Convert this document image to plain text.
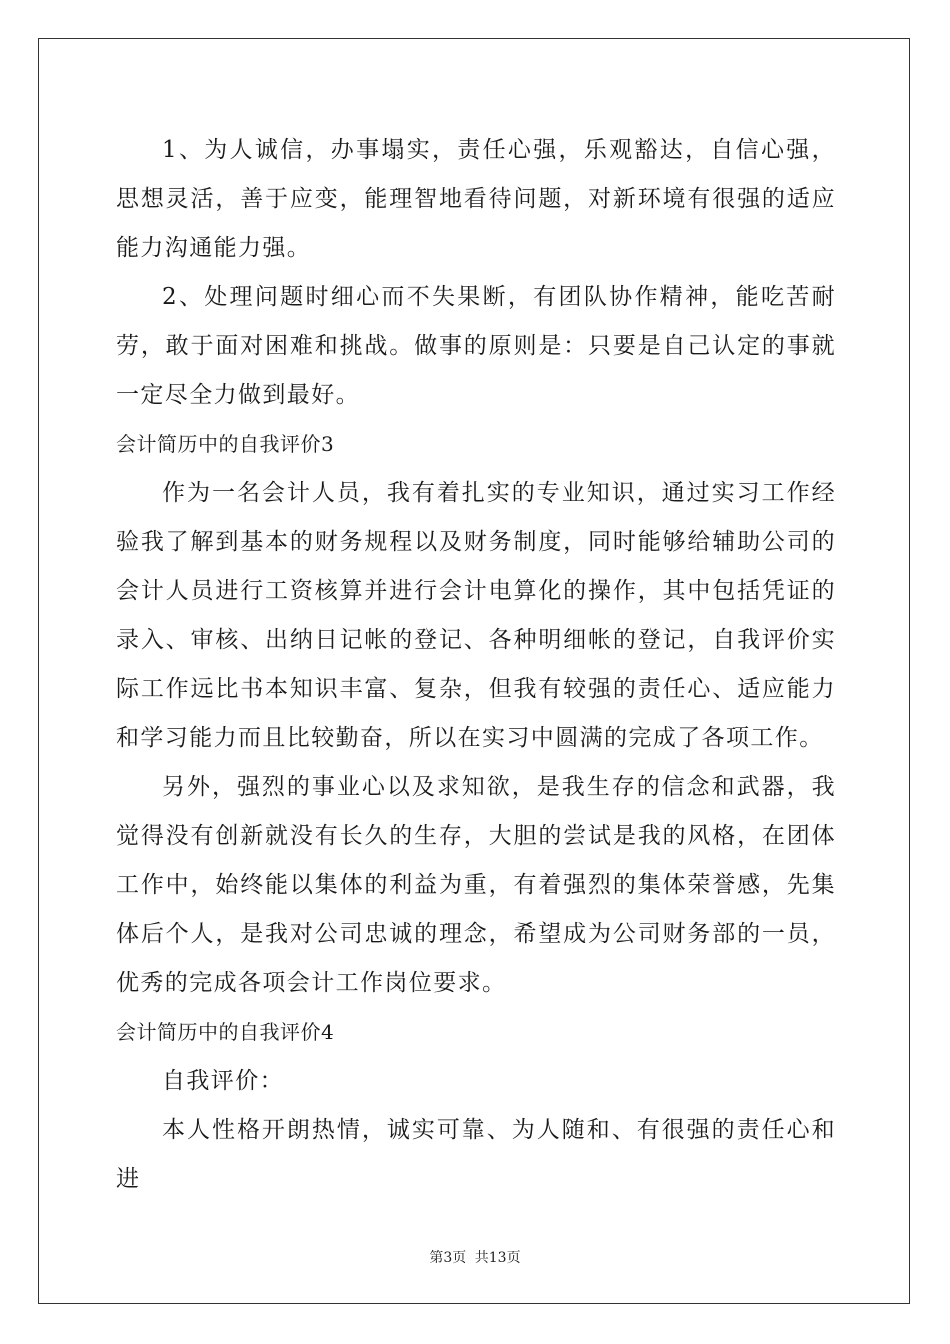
1、为人诚信，办事塌实，责任心强，乐观豁达，自信心强，思想灵活，善于应变，能理智地看待问题，对新环境有很强的适应能力沟通能力强。

2、处理问题时细心而不失果断，有团队协作精神，能吃苦耐劳，敢于面对困难和挑战。做事的原则是：只要是自己认定的事就一定尽全力做到最好。

会计简历中的自我评价3

作为一名会计人员，我有着扎实的专业知识，通过实习工作经验我了解到基本的财务规程以及财务制度，同时能够给辅助公司的会计人员进行工资核算并进行会计电算化的操作，其中包括凭证的录入、审核、出纳日记帐的登记、各种明细帐的登记，自我评价实际工作远比书本知识丰富、复杂，但我有较强的责任心、适应能力和学习能力而且比较勤奋，所以在实习中圆满的完成了各项工作。

另外，强烈的事业心以及求知欲，是我生存的信念和武器，我觉得没有创新就没有长久的生存，大胆的尝试是我的风格，在团体工作中，始终能以集体的利益为重，有着强烈的集体荣誉感，先集体后个人，是我对公司忠诚的理念，希望成为公司财务部的一员，优秀的完成各项会计工作岗位要求。

会计简历中的自我评价4

自我评价：

本人性格开朗热情，诚实可靠、为人随和、有很强的责任心和进

第3页 共13页
